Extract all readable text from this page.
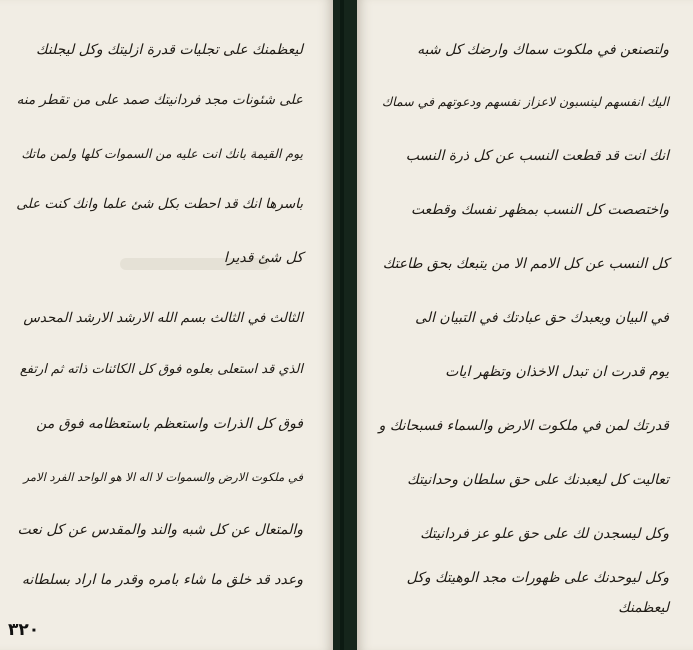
ليعظمنك على تجليات قدرة ازليتك وكل ليجلنك
على شئونات مجد فردانيتك صمد على من تقطر منه
يوم القيمة بانك انت عليه من السموات كلها ولمن ماتك
باسرها انك قد احطت بكل شئ علما وانك كنت على
كل شئ قديرا
الثالث في الثالث بسم الله الارشد الارشد المحدس
الذي قد استعلى بعلوه فوق كل الكائنات ذاته ثم ارتفع
فوق كل الذرات واستعظم باستعظامه فوق من
في ملكوت الارض والسموات لا اله الا هو الواحد الفرد الامر
والمتعال عن كل شبه والند والمقدس عن كل نعت
وعدد قد خلق ما شاء بامره وقدر ما اراد بسلطانه
٣٢٠
ولتصنعن في ملكوت سماك وارضك كل شبه
اليك انفسهم لينسبون لاعزاز نفسهم ودعوتهم في سماك
انك انت قد قطعت النسب عن كل ذرة النسب
واختصصت كل النسب بمظهر نفسك وقطعت
كل النسب عن كل الامم الا من يتبعك بحق طاعتك
في البيان ويعبدك حق عبادتك في التبيان الى
يوم قدرت ان تبدل الاخذان وتظهر ايات
قدرتك لمن في ملكوت الارض والسماء فسبحانك و
تعاليت كل ليعبدنك على حق سلطان وحدانيتك
وكل ليسجدن لك على حق علو عز فردانيتك
وكل ليوحدنك على ظهورات مجد الوهيتك وكل
ليعظمنك
